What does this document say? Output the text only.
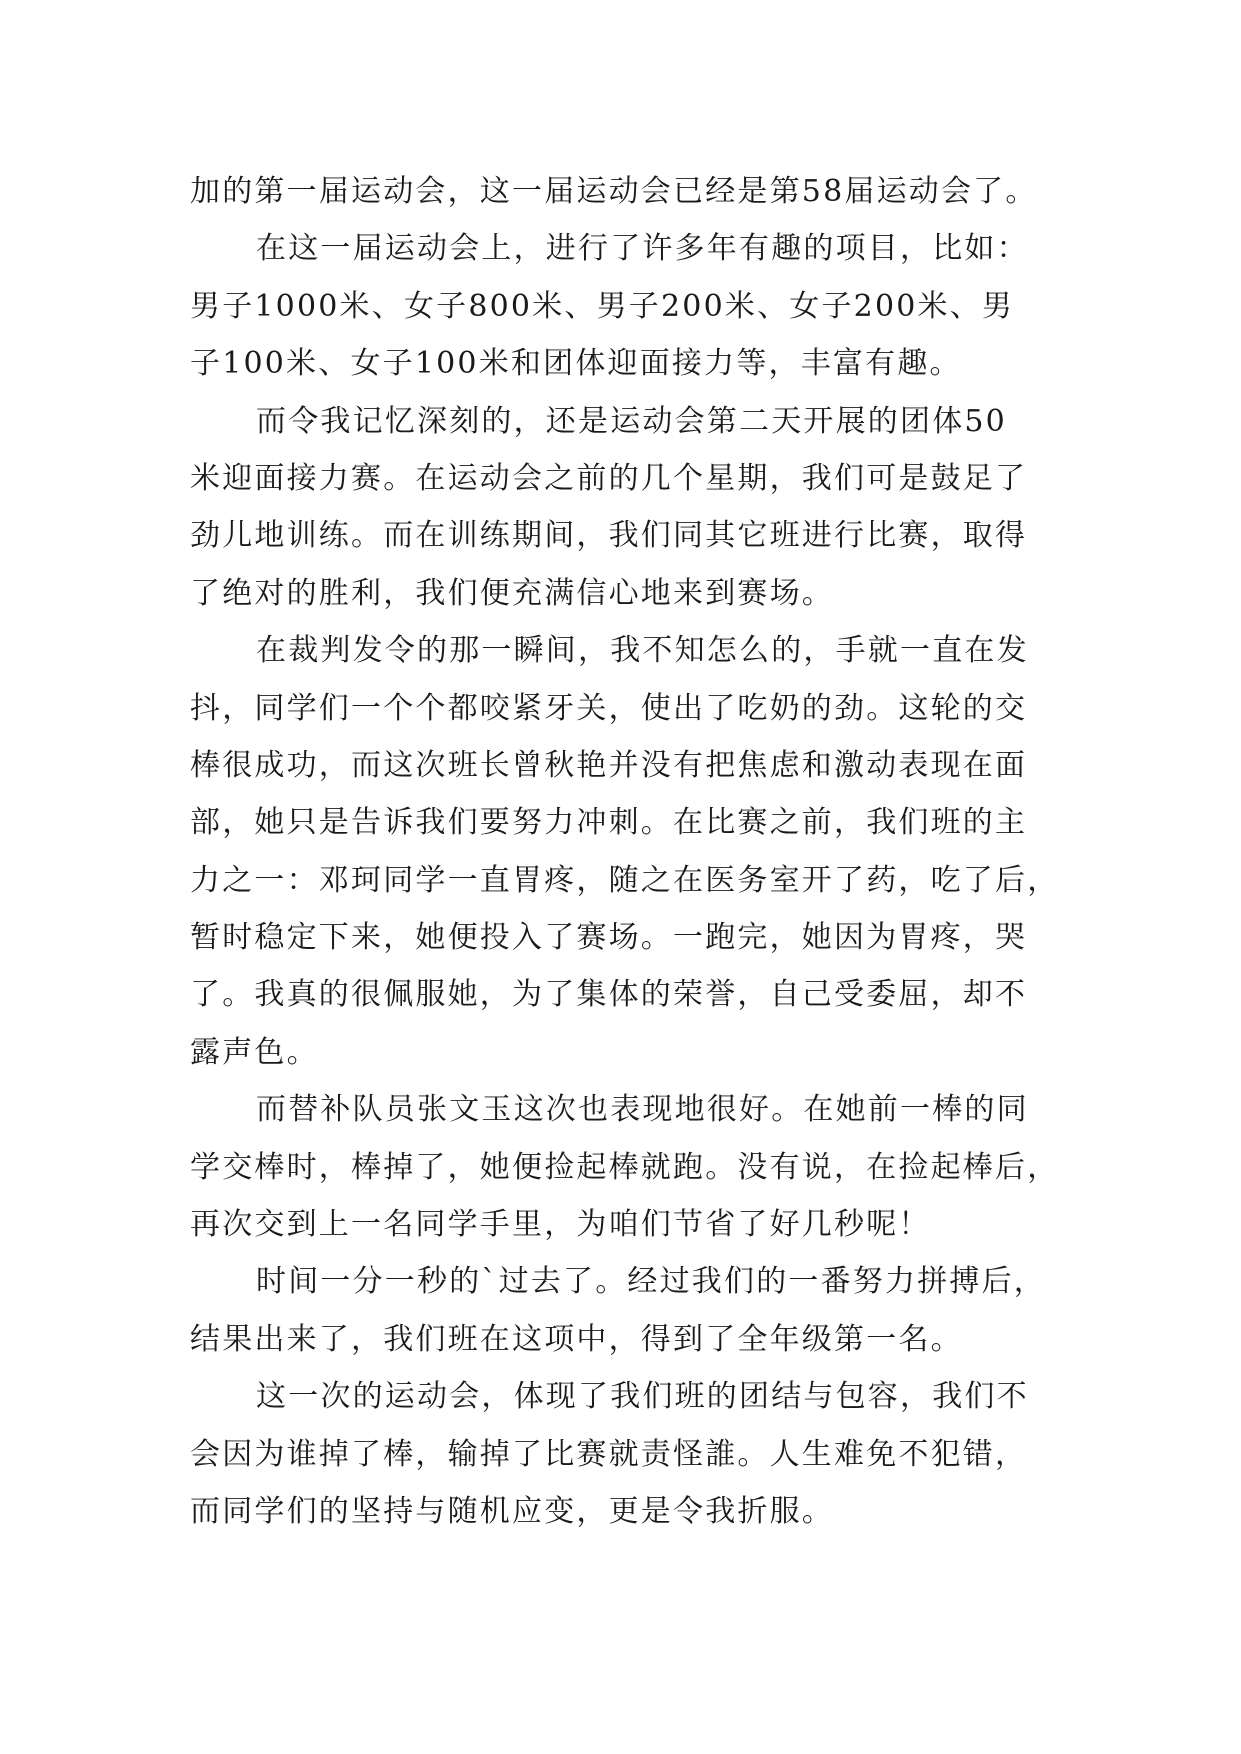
加的第一届运动会，这一届运动会已经是第58届运动会了。
在这一届运动会上，进行了许多年有趣的项目，比如：
男子1000米、女子800米、男子200米、女子200米、男
子100米、女子100米和团体迎面接力等，丰富有趣。
而令我记忆深刻的，还是运动会第二天开展的团体50
米迎面接力赛。在运动会之前的几个星期，我们可是鼓足了
劲儿地训练。而在训练期间，我们同其它班进行比赛，取得
了绝对的胜利，我们便充满信心地来到赛场。
在裁判发令的那一瞬间，我不知怎么的，手就一直在发
抖，同学们一个个都咬紧牙关，使出了吃奶的劲。这轮的交
棒很成功，而这次班长曾秋艳并没有把焦虑和激动表现在面
部，她只是告诉我们要努力冲刺。在比赛之前，我们班的主
力之一：邓珂同学一直胃疼，随之在医务室开了药，吃了后，
暂时稳定下来，她便投入了赛场。一跑完，她因为胃疼，哭
了。我真的很佩服她，为了集体的荣誉，自己受委屈，却不
露声色。
而替补队员张文玉这次也表现地很好。在她前一棒的同
学交棒时，棒掉了，她便捡起棒就跑。没有说，在捡起棒后，
再次交到上一名同学手里，为咱们节省了好几秒呢！
时间一分一秒的`过去了。经过我们的一番努力拼搏后，
结果出来了，我们班在这项中，得到了全年级第一名。
这一次的运动会，体现了我们班的团结与包容，我们不
会因为谁掉了棒，输掉了比赛就责怪誰。人生难免不犯错，
而同学们的坚持与随机应变，更是令我折服。
